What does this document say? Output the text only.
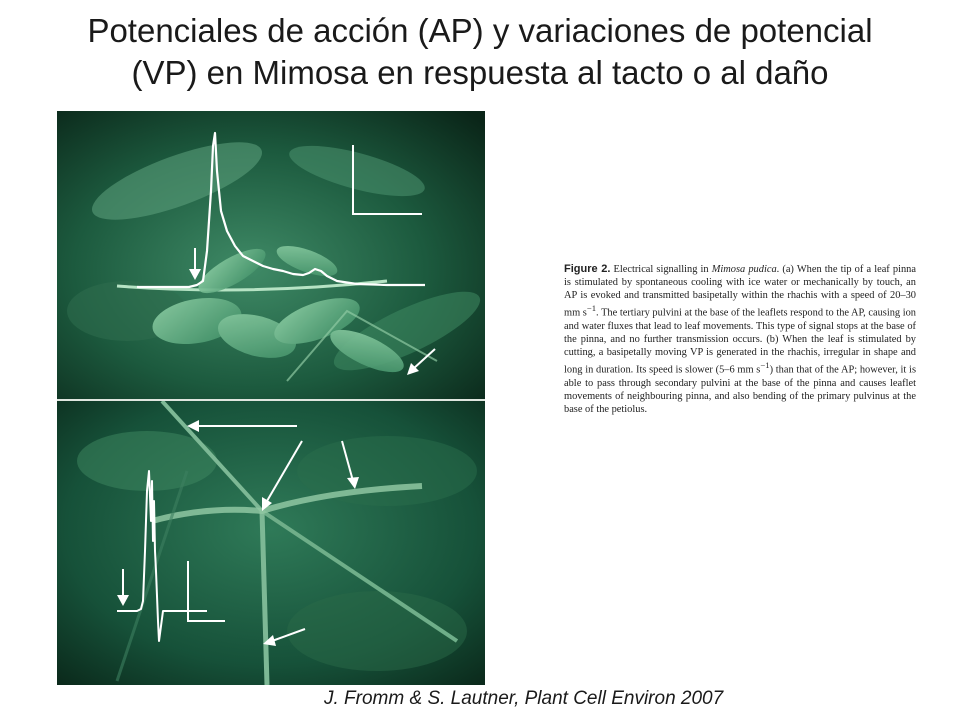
Potenciales de acción (AP) y variaciones de potencial
(VP) en Mimosa en respuesta al tacto o al daño
Figure 2. Electrical signalling in Mimosa pudica. (a) When the tip of a leaf pinna is stimulated by spontaneous cooling with ice water or mechanically by touch, an AP is evoked and transmitted basipetally within the rhachis with a speed of 20–30 mm $s^{-1}$. The tertiary pulvini at the base of the leaflets respond to the AP, causing ion and water fluxes that lead to leaf movements. This type of signal stops at the base of the pinna, and no further transmission occurs. (b) When the leaf is stimulated by cutting, a basipetally moving VP is generated in the rhachis, irregular in shape and long in duration. Its speed is slower (5–6 mm $s^{-1}$) than that of the AP; however, it is able to pass through secondary pulvini at the base of the pinna and causes leaflet movements of neighbouring pinna, and also bending of the primary pulvinus at the base of the petiolus.
J. Fromm & S. Lautner, Plant Cell Environ 2007
